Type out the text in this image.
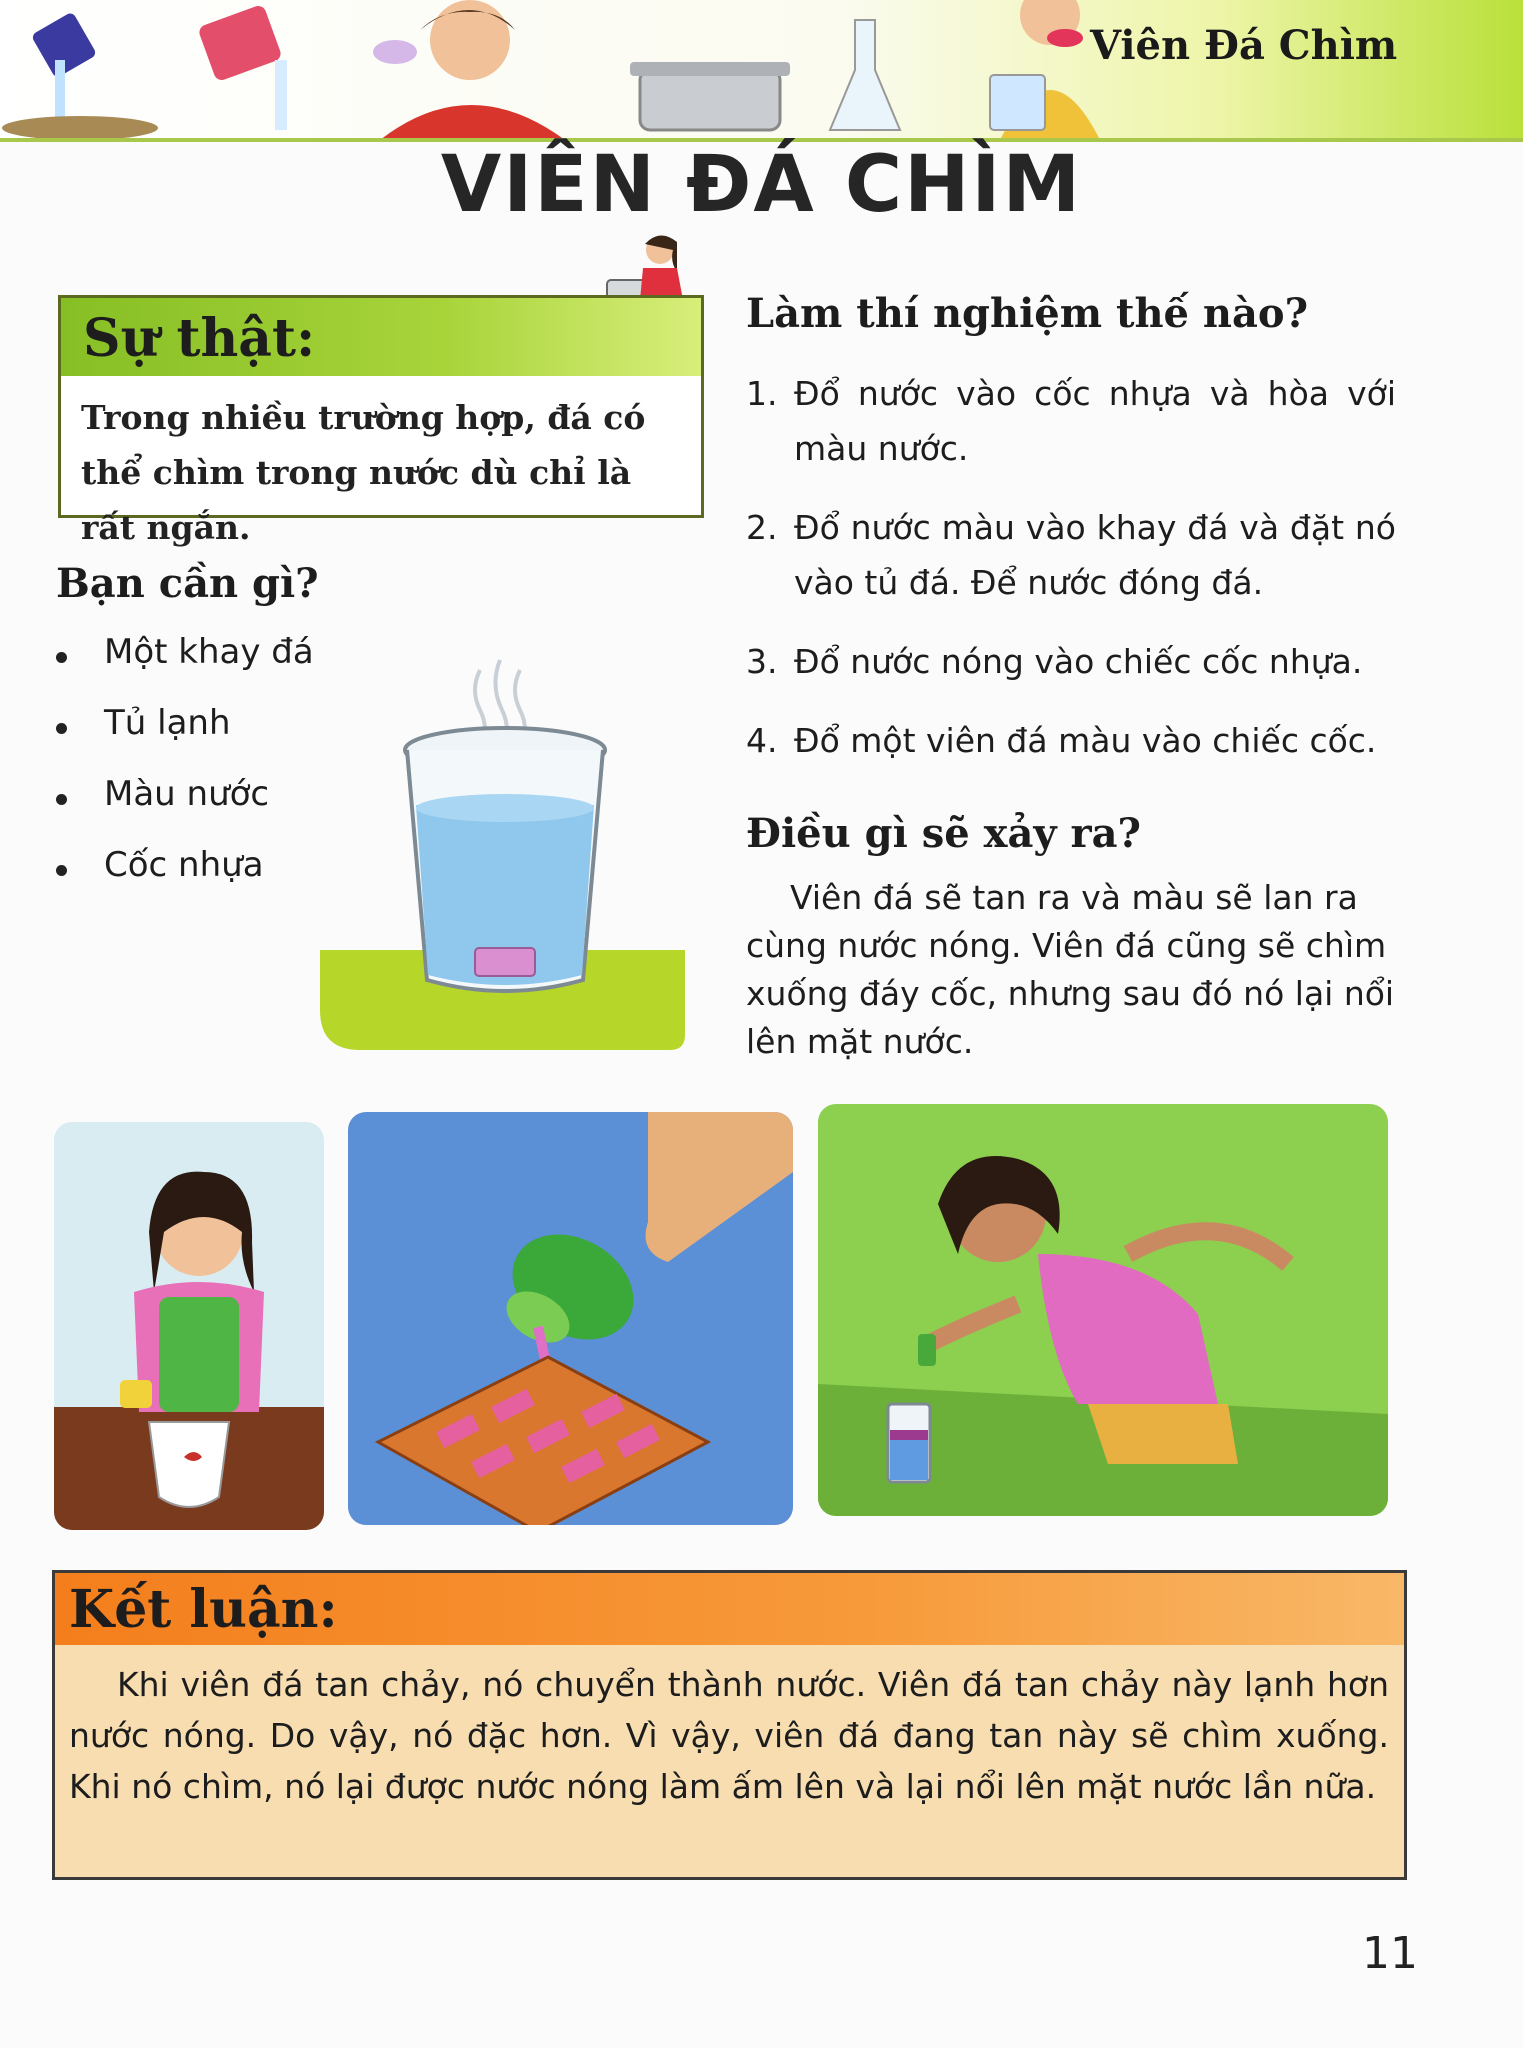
Viên Đá Chìm
VIÊN ĐÁ CHÌM
Sự thật:
Trong nhiều trường hợp, đá có thể chìm trong nước dù chỉ là rất ngắn.
Bạn cần gì?
Một khay đá
Tủ lạnh
Màu nước
Cốc nhựa
Làm thí nghiệm thế nào?
1. Đổ nước vào cốc nhựa và hòa với màu nước.
2. Đổ nước màu vào khay đá và đặt nó vào tủ đá. Để nước đóng đá.
3. Đổ nước nóng vào chiếc cốc nhựa.
4. Đổ một viên đá màu vào chiếc cốc.
Điều gì sẽ xảy ra?
Viên đá sẽ tan ra và màu sẽ lan ra cùng nước nóng. Viên đá cũng sẽ chìm xuống đáy cốc, nhưng sau đó nó lại nổi lên mặt nước.
Kết luận:
Khi viên đá tan chảy, nó chuyển thành nước. Viên đá tan chảy này lạnh hơn nước nóng. Do vậy, nó đặc hơn. Vì vậy, viên đá đang tan này sẽ chìm xuống. Khi nó chìm, nó lại được nước nóng làm ấm lên và lại nổi lên mặt nước lần nữa.
11
